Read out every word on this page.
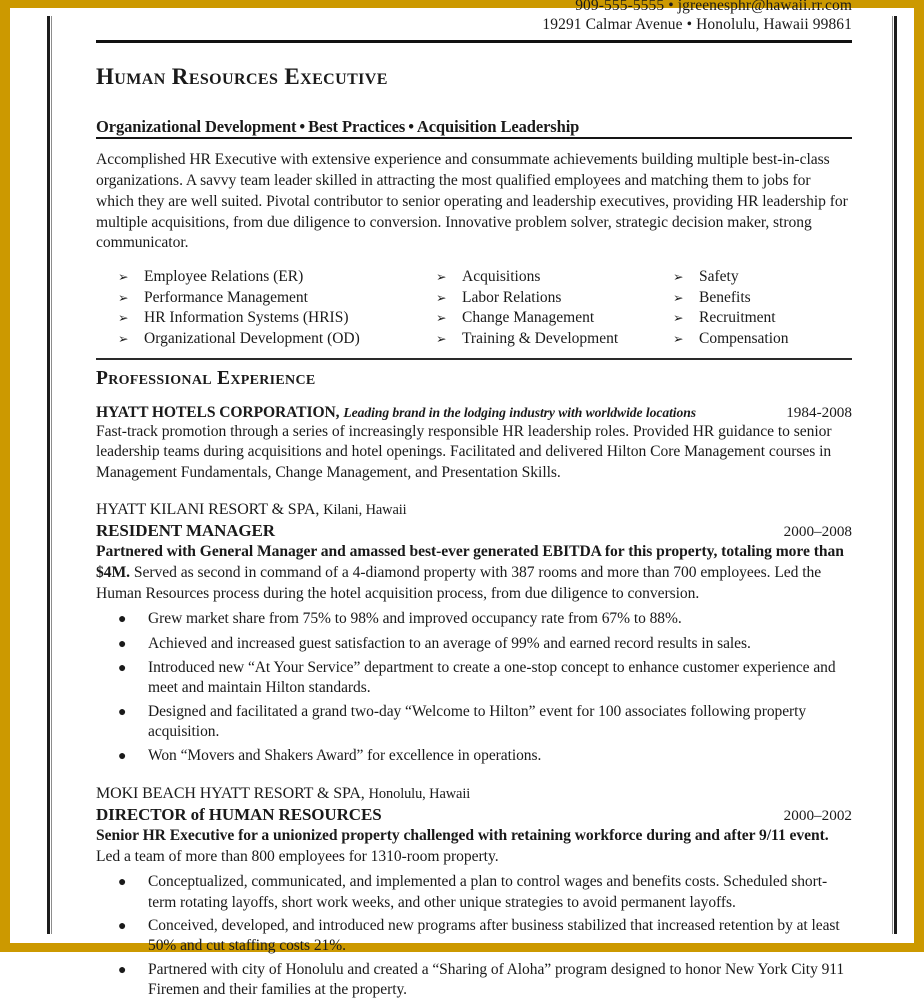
909-555-5555 • jgreenesphr@hawaii.rr.com
19291 Calmar Avenue • Honolulu, Hawaii 99861
Human Resources Executive
Organizational Development • Best Practices • Acquisition Leadership
Accomplished HR Executive with extensive experience and consummate achievements building multiple best-in-class organizations. A savvy team leader skilled in attracting the most qualified employees and matching them to jobs for which they are well suited. Pivotal contributor to senior operating and leadership executives, providing HR leadership for multiple acquisitions, from due diligence to conversion. Innovative problem solver, strategic decision maker, strong communicator.
➢	Employee Relations (ER)	➢	Acquisitions	➢	Safety
➢	Performance Management	➢	Labor Relations	➢	Benefits
➢	HR Information Systems (HRIS)	➢	Change Management	➢	Recruitment
➢	Organizational Development (OD)	➢	Training & Development	➢	Compensation
Professional Experience
HYATT HOTELS CORPORATION, Leading brand in the lodging industry with worldwide locations	1984-2008
Fast-track promotion through a series of increasingly responsible HR leadership roles. Provided HR guidance to senior leadership teams during acquisitions and hotel openings. Facilitated and delivered Hilton Core Management courses in Management Fundamentals, Change Management, and Presentation Skills.
HYATT KILANI RESORT & SPA, Kilani, Hawaii
RESIDENT MANAGER	2000–2008
Partnered with General Manager and amassed best-ever generated EBITDA for this property, totaling more than $4M. Served as second in command of a 4-diamond property with 387 rooms and more than 700 employees. Led the Human Resources process during the hotel acquisition process, from due diligence to conversion.
●	Grew market share from 75% to 98% and improved occupancy rate from 67% to 88%.
●	Achieved and increased guest satisfaction to an average of 99% and earned record results in sales.
●	Introduced new “At Your Service” department to create a one-stop concept to enhance customer experience and meet and maintain Hilton standards.
●	Designed and facilitated a grand two-day “Welcome to Hilton” event for 100 associates following property acquisition.
●	Won “Movers and Shakers Award” for excellence in operations.
MOKI BEACH HYATT RESORT & SPA, Honolulu, Hawaii
DIRECTOR of HUMAN RESOURCES	2000–2002
Senior HR Executive for a unionized property challenged with retaining workforce during and after 9/11 event. Led a team of more than 800 employees for 1310-room property.
●	Conceptualized, communicated, and implemented a plan to control wages and benefits costs. Scheduled short-term rotating layoffs, short work weeks, and other unique strategies to avoid permanent layoffs.
●	Conceived, developed, and introduced new programs after business stabilized that increased retention by at least 50% and cut staffing costs 21%.
●	Partnered with city of Honolulu and created a “Sharing of Aloha” program designed to honor New York City 911 Firemen and their families at the property.
